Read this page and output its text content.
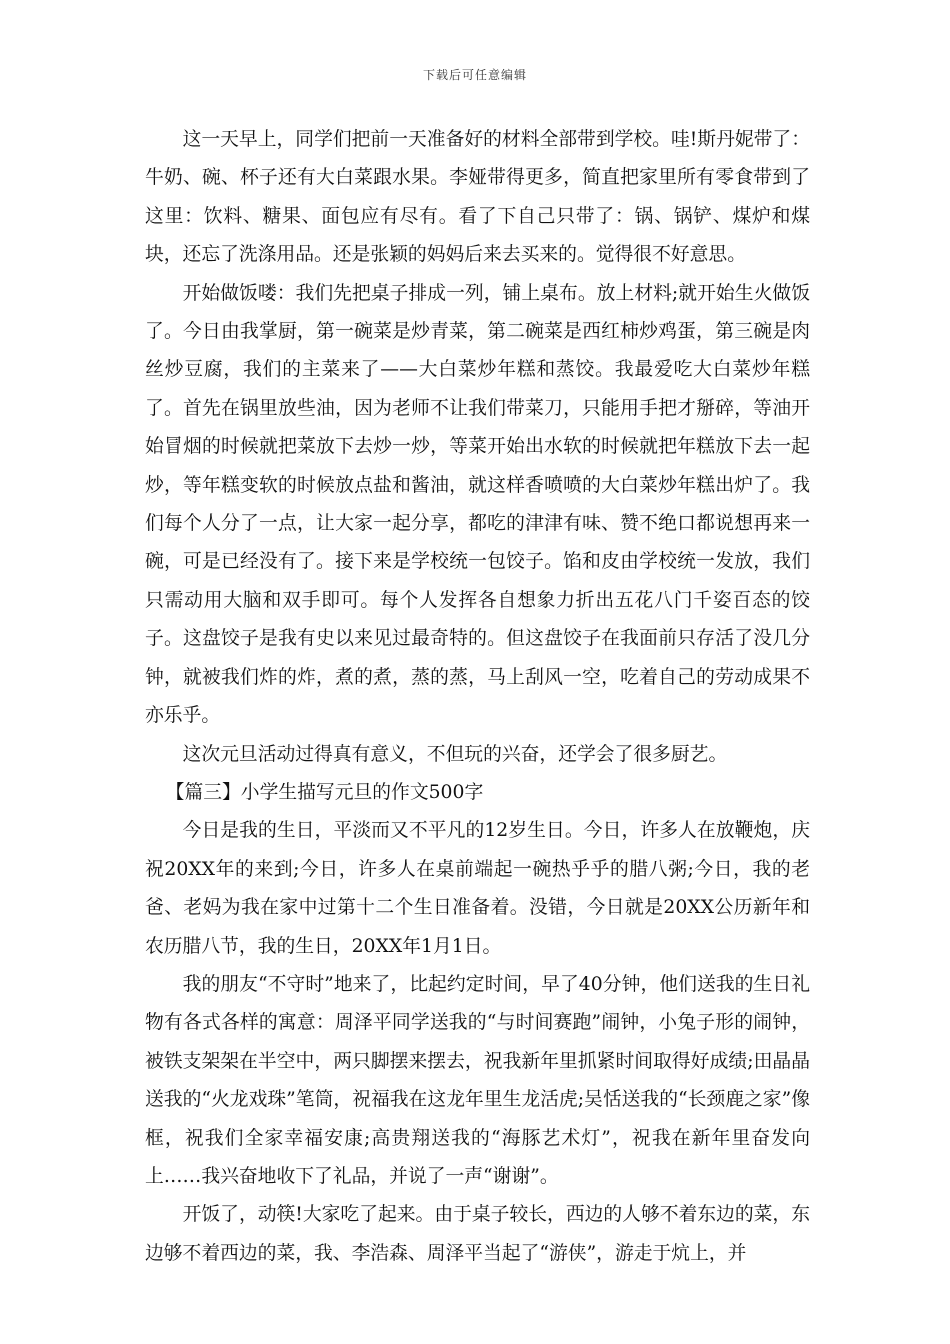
下载后可任意编辑

这一天早上，同学们把前一天准备好的材料全部带到学校。哇!斯丹妮带了：牛奶、碗、杯子还有大白菜跟水果。李娅带得更多，简直把家里所有零食带到了这里：饮料、糖果、面包应有尽有。看了下自己只带了：锅、锅铲、煤炉和煤块，还忘了洗涤用品。还是张颖的妈妈后来去买来的。觉得很不好意思。

开始做饭喽：我们先把桌子排成一列，铺上桌布。放上材料;就开始生火做饭了。今日由我掌厨，第一碗菜是炒青菜，第二碗菜是西红柿炒鸡蛋，第三碗是肉丝炒豆腐，我们的主菜来了——大白菜炒年糕和蒸饺。我最爱吃大白菜炒年糕了。首先在锅里放些油，因为老师不让我们带菜刀，只能用手把才掰碎，等油开始冒烟的时候就把菜放下去炒一炒，等菜开始出水软的时候就把年糕放下去一起炒，等年糕变软的时候放点盐和酱油，就这样香喷喷的大白菜炒年糕出炉了。我们每个人分了一点，让大家一起分享，都吃的津津有味、赞不绝口都说想再来一碗，可是已经没有了。接下来是学校统一包饺子。馅和皮由学校统一发放，我们只需动用大脑和双手即可。每个人发挥各自想象力折出五花八门千姿百态的饺子。这盘饺子是我有史以来见过最奇特的。但这盘饺子在我面前只存活了没几分钟，就被我们炸的炸，煮的煮，蒸的蒸，马上刮风一空，吃着自己的劳动成果不亦乐乎。

这次元旦活动过得真有意义，不但玩的兴奋，还学会了很多厨艺。

【篇三】小学生描写元旦的作文500字

今日是我的生日，平淡而又不平凡的12岁生日。今日，许多人在放鞭炮，庆祝20XX年的来到;今日，许多人在桌前端起一碗热乎乎的腊八粥;今日，我的老爸、老妈为我在家中过第十二个生日准备着。没错，今日就是20XX公历新年和农历腊八节，我的生日，20XX年1月1日。

我的朋友“不守时”地来了，比起约定时间，早了40分钟，他们送我的生日礼物有各式各样的寓意：周泽平同学送我的“与时间赛跑”闹钟，小兔子形的闹钟，被铁支架架在半空中，两只脚摆来摆去，祝我新年里抓紧时间取得好成绩;田晶晶送我的“火龙戏珠”笔筒，祝福我在这龙年里生龙活虎;吴恬送我的“长颈鹿之家”像框，祝我们全家幸福安康;高贵翔送我的“海豚艺术灯”，祝我在新年里奋发向上……我兴奋地收下了礼品，并说了一声“谢谢”。

开饭了，动筷!大家吃了起来。由于桌子较长，西边的人够不着东边的菜，东边够不着西边的菜，我、李浩森、周泽平当起了“游侠”，游走于炕上，并
